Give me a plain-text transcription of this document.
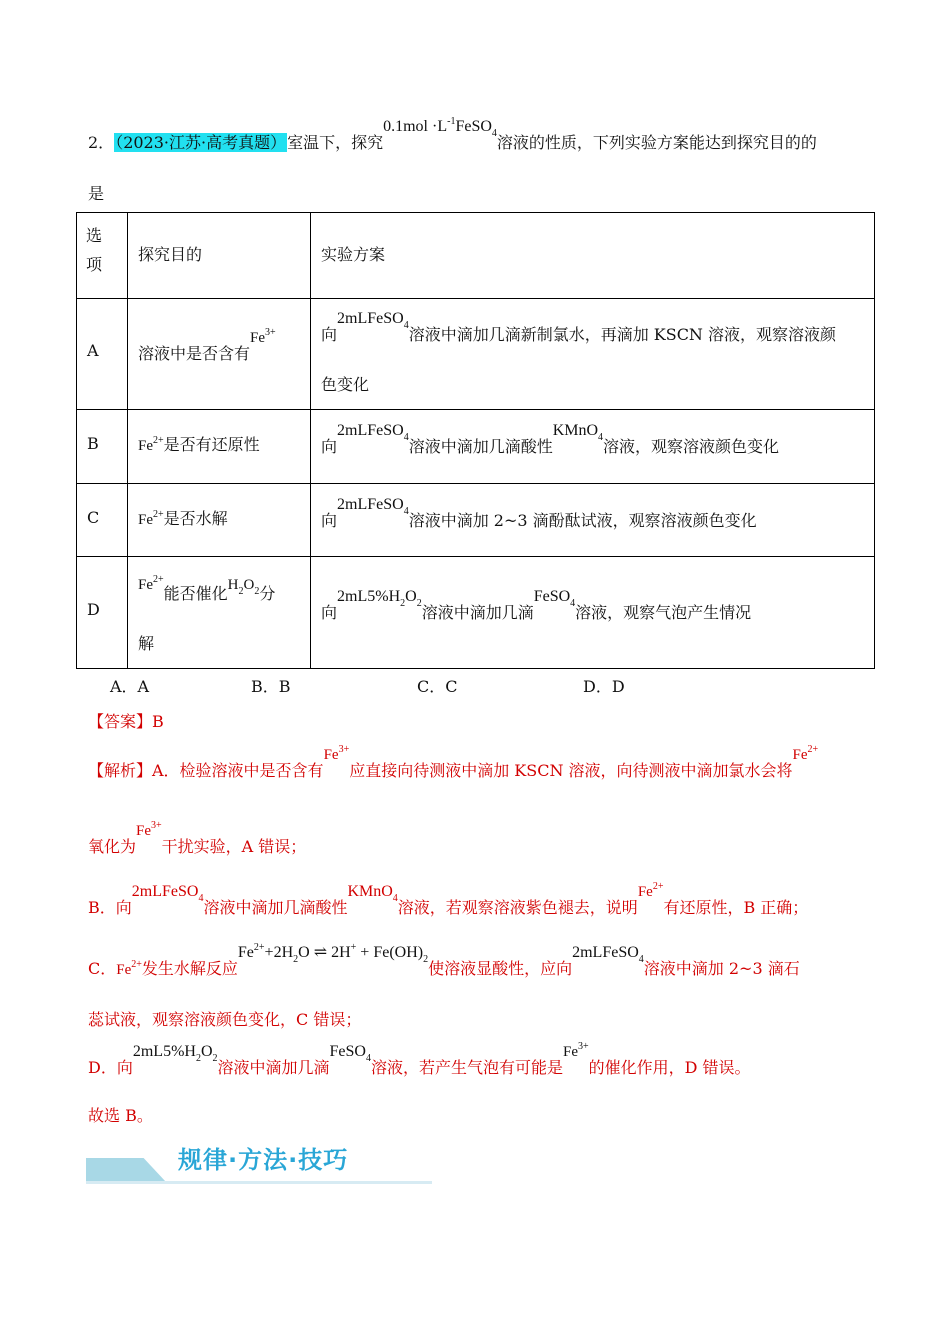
2．（2023·江苏·高考真题）室温下，探究$0.1mol \cdot L^{-1}FeSO_4$溶液的性质，下列实验方案能达到探究目的的
是
选
项	探究目的	实验方案

A	溶液中是否含有$Fe^{3+}$	向2mLFeSO$_4$溶液中滴加几滴新制氯水，再滴加 KSCN 溶液，观察溶液颜
色变化

B	$Fe^{2+}$是否有还原性	向2mLFeSO$_4$溶液中滴加几滴酸性KMnO$_4$溶液，观察溶液颜色变化

C	$Fe^{2+}$是否水解	向2mLFeSO$_4$溶液中滴加 2~3 滴酚酞试液，观察溶液颜色变化

D	$Fe^{2+}$能否催化$H_2O_2$分
解	向$2mL5\%H_2O_2$溶液中滴加几滴FeSO$_4$溶液，观察气泡产生情况
A．A	B．B	C．C	D．D
【答案】B
【解析】A．检验溶液中是否含有$Fe^{3+}$应直接向待测液中滴加 KSCN 溶液，向待测液中滴加氯水会将$Fe^{2+}$
氧化为$Fe^{3+}$干扰实验，A 错误；
B．向2mLFeSO$_4$溶液中滴加几滴酸性KMnO$_4$溶液，若观察溶液紫色褪去，说明$Fe^{2+}$有还原性，B 正确；
C．$Fe^{2+}$发生水解反应$Fe^{2+}+2H_2O$ ⇌ $2H^+ + Fe(OH)_2$使溶液显酸性，应向2mLFeSO$_4$溶液中滴加 2~3 滴石
蕊试液，观察溶液颜色变化，C 错误；
D．向$2mL5\%H_2O_2$溶液中滴加几滴FeSO$_4$溶液，若产生气泡有可能是$Fe^{3+}$的催化作用，D 错误。
故选 B。
规律·方法·技巧
